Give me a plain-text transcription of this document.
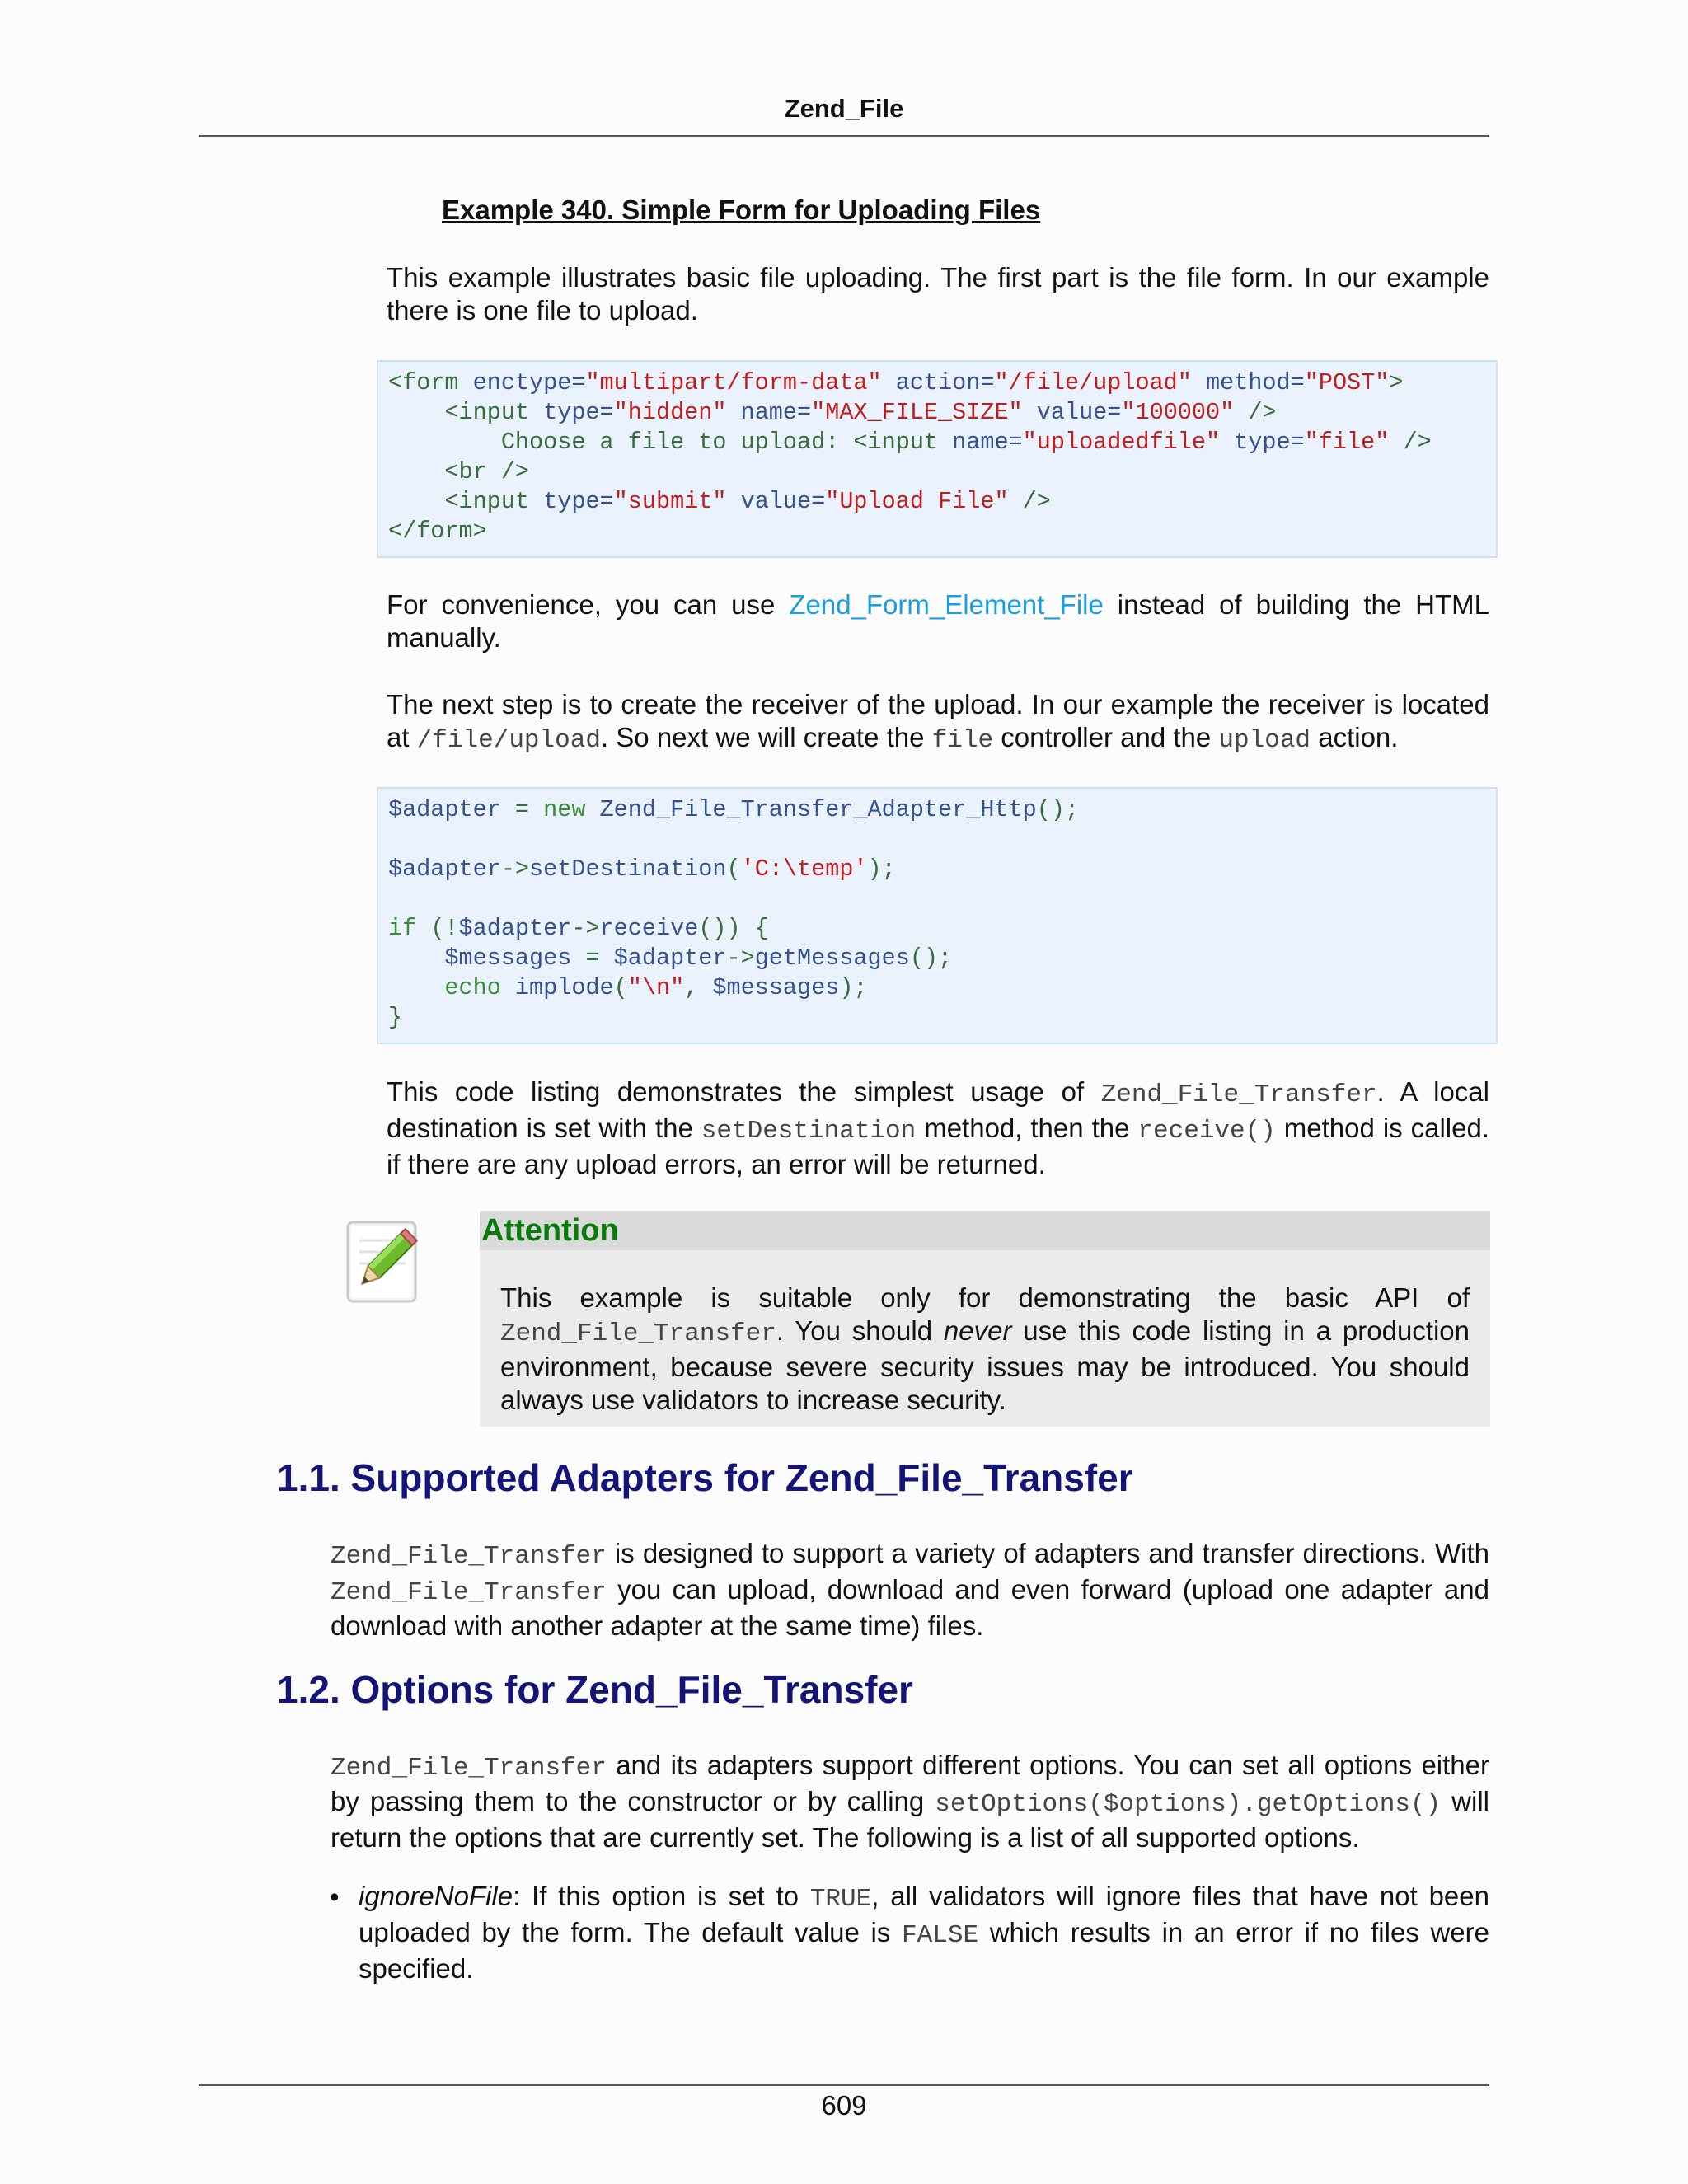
Zend_File
Example 340. Simple Form for Uploading Files
This example illustrates basic file uploading. The first part is the file form. In our example
there is one file to upload.
<form enctype="multipart/form-data" action="/file/upload" method="POST">
<input type="hidden" name="MAX_FILE_SIZE" value="100000" />
Choose a file to upload: <input name="uploadedfile" type="file" />
<br />
<input type="submit" value="Upload File" />
</form>
For convenience, you can use Zend_Form_Element_File instead of building the HTML
manually.
The next step is to create the receiver of the upload. In our example the receiver is located
at /file/upload. So next we will create the file controller and the upload action.
$adapter = new Zend_File_Transfer_Adapter_Http();

$adapter->setDestination('C:\temp');

if (!$adapter->receive()) {
$messages = $adapter->getMessages();
echo implode("\n", $messages);
}
This code listing demonstrates the simplest usage of Zend_File_Transfer. A local
destination is set with the setDestination method, then the receive() method is called.
if there are any upload errors, an error will be returned.
Attention
This example is suitable only for demonstrating the basic API of
Zend_File_Transfer. You should never use this code listing in a production
environment, because severe security issues may be introduced. You should
always use validators to increase security.
1.1. Supported Adapters for Zend_File_Transfer
Zend_File_Transfer is designed to support a variety of adapters and transfer directions. With
Zend_File_Transfer you can upload, download and even forward (upload one adapter and
download with another adapter at the same time) files.
1.2. Options for Zend_File_Transfer
Zend_File_Transfer and its adapters support different options. You can set all options either
by passing them to the constructor or by calling setOptions($options).getOptions() will
return the options that are currently set. The following is a list of all supported options.
• ignoreNoFile: If this option is set to TRUE, all validators will ignore files that have not been
uploaded by the form. The default value is FALSE which results in an error if no files were
specified.
609
